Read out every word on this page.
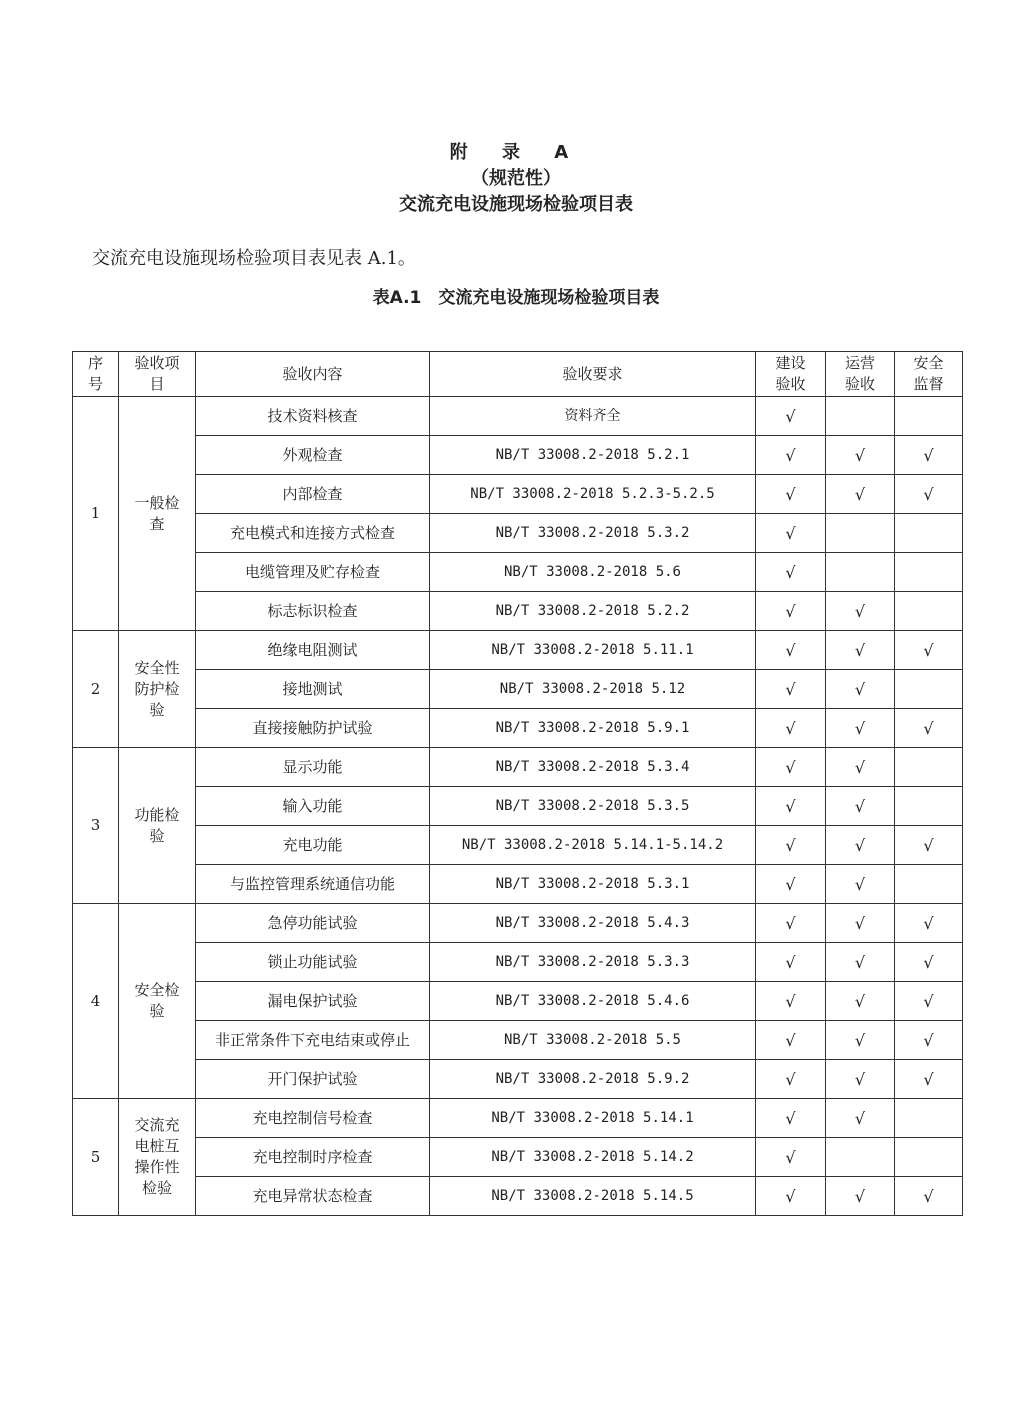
附 录 A
（规范性）
交流充电设施现场检验项目表
交流充电设施现场检验项目表见表 A.1。
表A.1　交流充电设施现场检验项目表
序号	验收项目	验收内容	验收要求	建设验收	运营验收	安全监督
1	一般检查	技术资料核查	资料齐全	√		
		外观检查	NB/T 33008.2-2018 5.2.1	√	√	√
		内部检查	NB/T 33008.2-2018 5.2.3-5.2.5	√	√	√
		充电模式和连接方式检查	NB/T 33008.2-2018 5.3.2	√		
		电缆管理及贮存检查	NB/T 33008.2-2018 5.6	√		
		标志标识检查	NB/T 33008.2-2018 5.2.2	√	√	
2	安全性防护检验	绝缘电阻测试	NB/T 33008.2-2018 5.11.1	√	√	√
		接地测试	NB/T 33008.2-2018 5.12	√	√	
		直接接触防护试验	NB/T 33008.2-2018 5.9.1	√	√	√
3	功能检验	显示功能	NB/T 33008.2-2018 5.3.4	√	√	
		输入功能	NB/T 33008.2-2018 5.3.5	√	√	
		充电功能	NB/T 33008.2-2018 5.14.1-5.14.2	√	√	√
		与监控管理系统通信功能	NB/T 33008.2-2018 5.3.1	√	√	
4	安全检验	急停功能试验	NB/T 33008.2-2018 5.4.3	√	√	√
		锁止功能试验	NB/T 33008.2-2018 5.3.3	√	√	√
		漏电保护试验	NB/T 33008.2-2018 5.4.6	√	√	√
		非正常条件下充电结束或停止	NB/T 33008.2-2018 5.5	√	√	√
		开门保护试验	NB/T 33008.2-2018 5.9.2	√	√	√
5	交流充电桩互操作性检验	充电控制信号检查	NB/T 33008.2-2018 5.14.1	√	√	
		充电控制时序检查	NB/T 33008.2-2018 5.14.2	√		
		充电异常状态检查	NB/T 33008.2-2018 5.14.5	√	√	√
